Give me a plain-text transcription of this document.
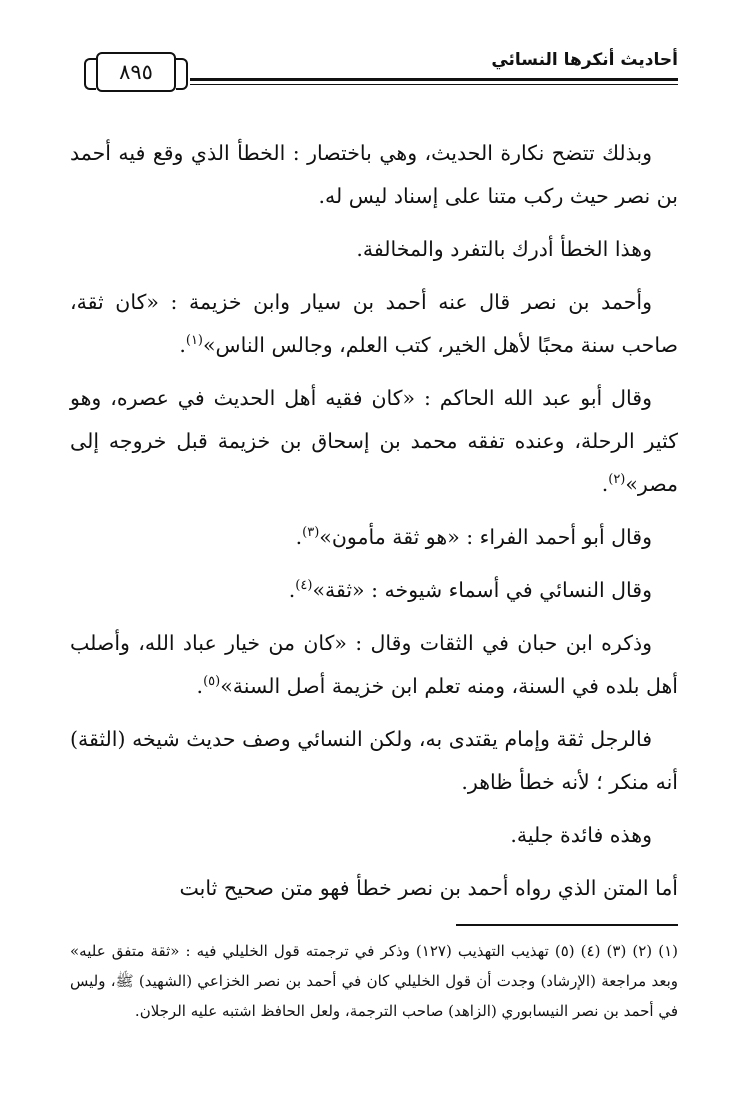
٨٩٥	أحاديث أنكرها النسائي

وبذلك تتضح نكارة الحديث، وهي باختصار : الخطأ الذي وقع فيه أحمد بن نصر حيث ركب متنا على إسناد ليس له.

وهذا الخطأ أدرك بالتفرد والمخالفة.

وأحمد بن نصر قال عنه أحمد بن سيار وابن خزيمة : «كان ثقة، صاحب سنة محبًا لأهل الخير، كتب العلم، وجالس الناس»$^{(١)}$.

وقال أبو عبد الله الحاكم : «كان فقيه أهل الحديث في عصره، وهو كثير الرحلة، وعنده تفقه محمد بن إسحاق بن خزيمة قبل خروجه إلى مصر»$^{(٢)}$.

وقال أبو أحمد الفراء : «هو ثقة مأمون»$^{(٣)}$.

وقال النسائي في أسماء شيوخه : «ثقة»$^{(٤)}$.

وذكره ابن حبان في الثقات وقال : «كان من خيار عباد الله، وأصلب أهل بلده في السنة، ومنه تعلم ابن خزيمة أصل السنة»$^{(٥)}$.

فالرجل ثقة وإمام يقتدى به، ولكن النسائي وصف حديث شيخه (الثقة) أنه منكر ؛ لأنه خطأ ظاهر.

وهذه فائدة جلية.

أما المتن الذي رواه أحمد بن نصر خطأ فهو متن صحيح ثابت

(١) (٢) (٣) (٤) (٥) تهذيب التهذيب (١٢٧) وذكر في ترجمته قول الخليلي فيه : «ثقة متفق عليه» وبعد مراجعة (الإرشاد) وجدت أن قول الخليلي كان في أحمد بن نصر الخزاعي (الشهيد) ﷺ، وليس في أحمد بن نصر النيسابوري (الزاهد) صاحب الترجمة، ولعل الحافظ اشتبه عليه الرجلان.
